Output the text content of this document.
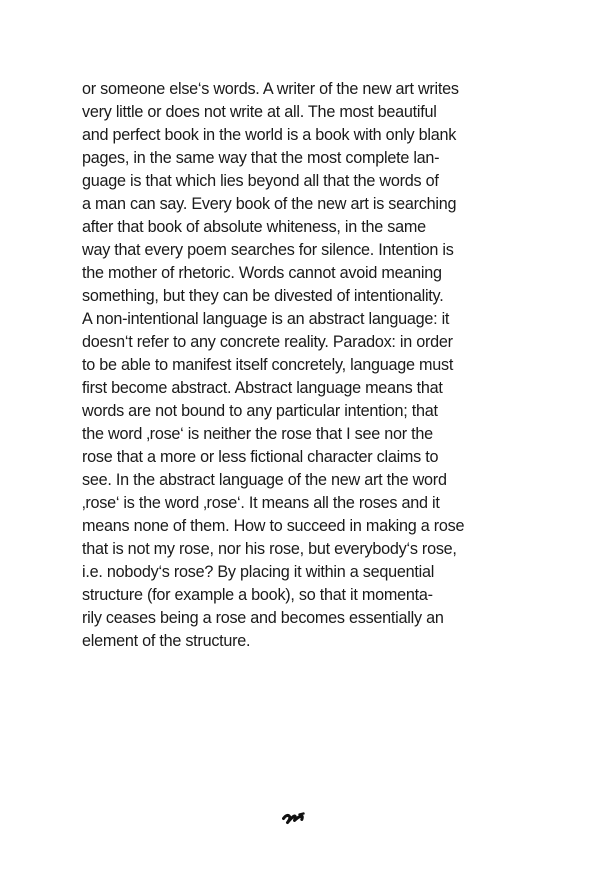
or someone else‘s words. A writer of the new art writes
very little or does not write at all. The most beautiful
and perfect book in the world is a book with only blank
pages, in the same way that the most complete lan-
guage is that which lies beyond all that the words of
a man can say. Every book of the new art is searching
after that book of absolute whiteness, in the same
way that every poem searches for silence. Intention is
the mother of rhetoric. Words cannot avoid meaning
something, but they can be divested of intentionality.
A non-intentional language is an abstract language: it
doesn‘t refer to any concrete reality. Paradox: in order
to be able to manifest itself concretely, language must
first become abstract. Abstract language means that
words are not bound to any particular intention; that
the word ‚rose‘ is neither the rose that I see nor the
rose that a more or less fictional character claims to
see. In the abstract language of the new art the word
‚rose‘ is the word ‚rose‘. It means all the roses and it
means none of them. How to succeed in making a rose
that is not my rose, nor his rose, but everybody‘s rose,
i.e. nobody‘s rose? By placing it within a sequential
structure (for example a book), so that it momenta-
rily ceases being a rose and becomes essentially an
element of the structure.
